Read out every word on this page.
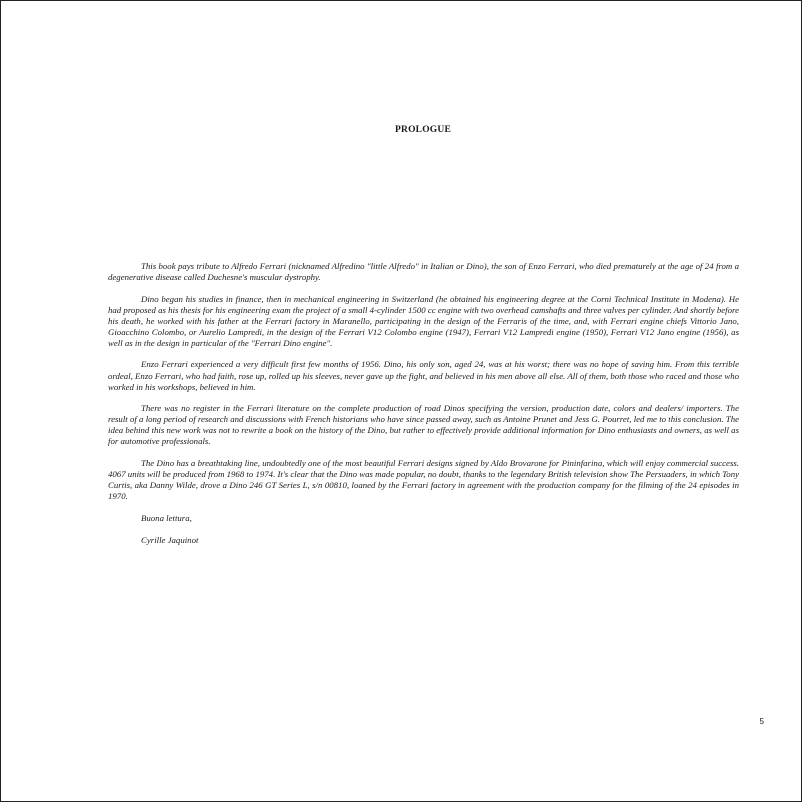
PROLOGUE

This book pays tribute to Alfredo Ferrari (nicknamed Alfredino "little Alfredo" in Italian or Dino), the son of Enzo Ferrari, who died prematurely at the age of 24 from a degenerative disease called Duchesne's muscular dystrophy.

Dino began his studies in finance, then in mechanical engineering in Switzerland (he obtained his engineering degree at the Corni Technical Institute in Modena). He had proposed as his thesis for his engineering exam the project of a small 4-cylinder 1500 cc engine with two overhead camshafts and three valves per cylinder. And shortly before his death, he worked with his father at the Ferrari factory in Maranello, participating in the design of the Ferraris of the time, and, with Ferrari engine chiefs Vittorio Jano, Gioacchino Colombo, or Aurelio Lampredi, in the design of the Ferrari V12 Colombo engine (1947), Ferrari V12 Lampredi engine (1950), Ferrari V12 Jano engine (1956), as well as in the design in particular of the "Ferrari Dino engine".

Enzo Ferrari experienced a very difficult first few months of 1956. Dino, his only son, aged 24, was at his worst; there was no hope of saving him. From this terrible ordeal, Enzo Ferrari, who had faith, rose up, rolled up his sleeves, never gave up the fight, and believed in his men above all else. All of them, both those who raced and those who worked in his workshops, believed in him.

There was no register in the Ferrari literature on the complete production of road Dinos specifying the version, production date, colors and dealers/ importers. The result of a long period of research and discussions with French historians who have since passed away, such as Antoine Prunet and Jess G. Pourret, led me to this conclusion. The idea behind this new work was not to rewrite a book on the history of the Dino, but rather to effectively provide additional information for Dino enthusiasts and owners, as well as for automotive professionals.

The Dino has a breathtaking line, undoubtedly one of the most beautiful Ferrari designs signed by Aldo Brovarone for Pininfarina, which will enjoy commercial success. 4067 units will be produced from 1968 to 1974. It's clear that the Dino was made popular, no doubt, thanks to the legendary British television show The Persuaders, in which Tony Curtis, aka Danny Wilde, drove a Dino 246 GT Series L, s/n 00810, loaned by the Ferrari factory in agreement with the production company for the filming of the 24 episodes in 1970.

Buona lettura,

Cyrille Jaquinot

5
